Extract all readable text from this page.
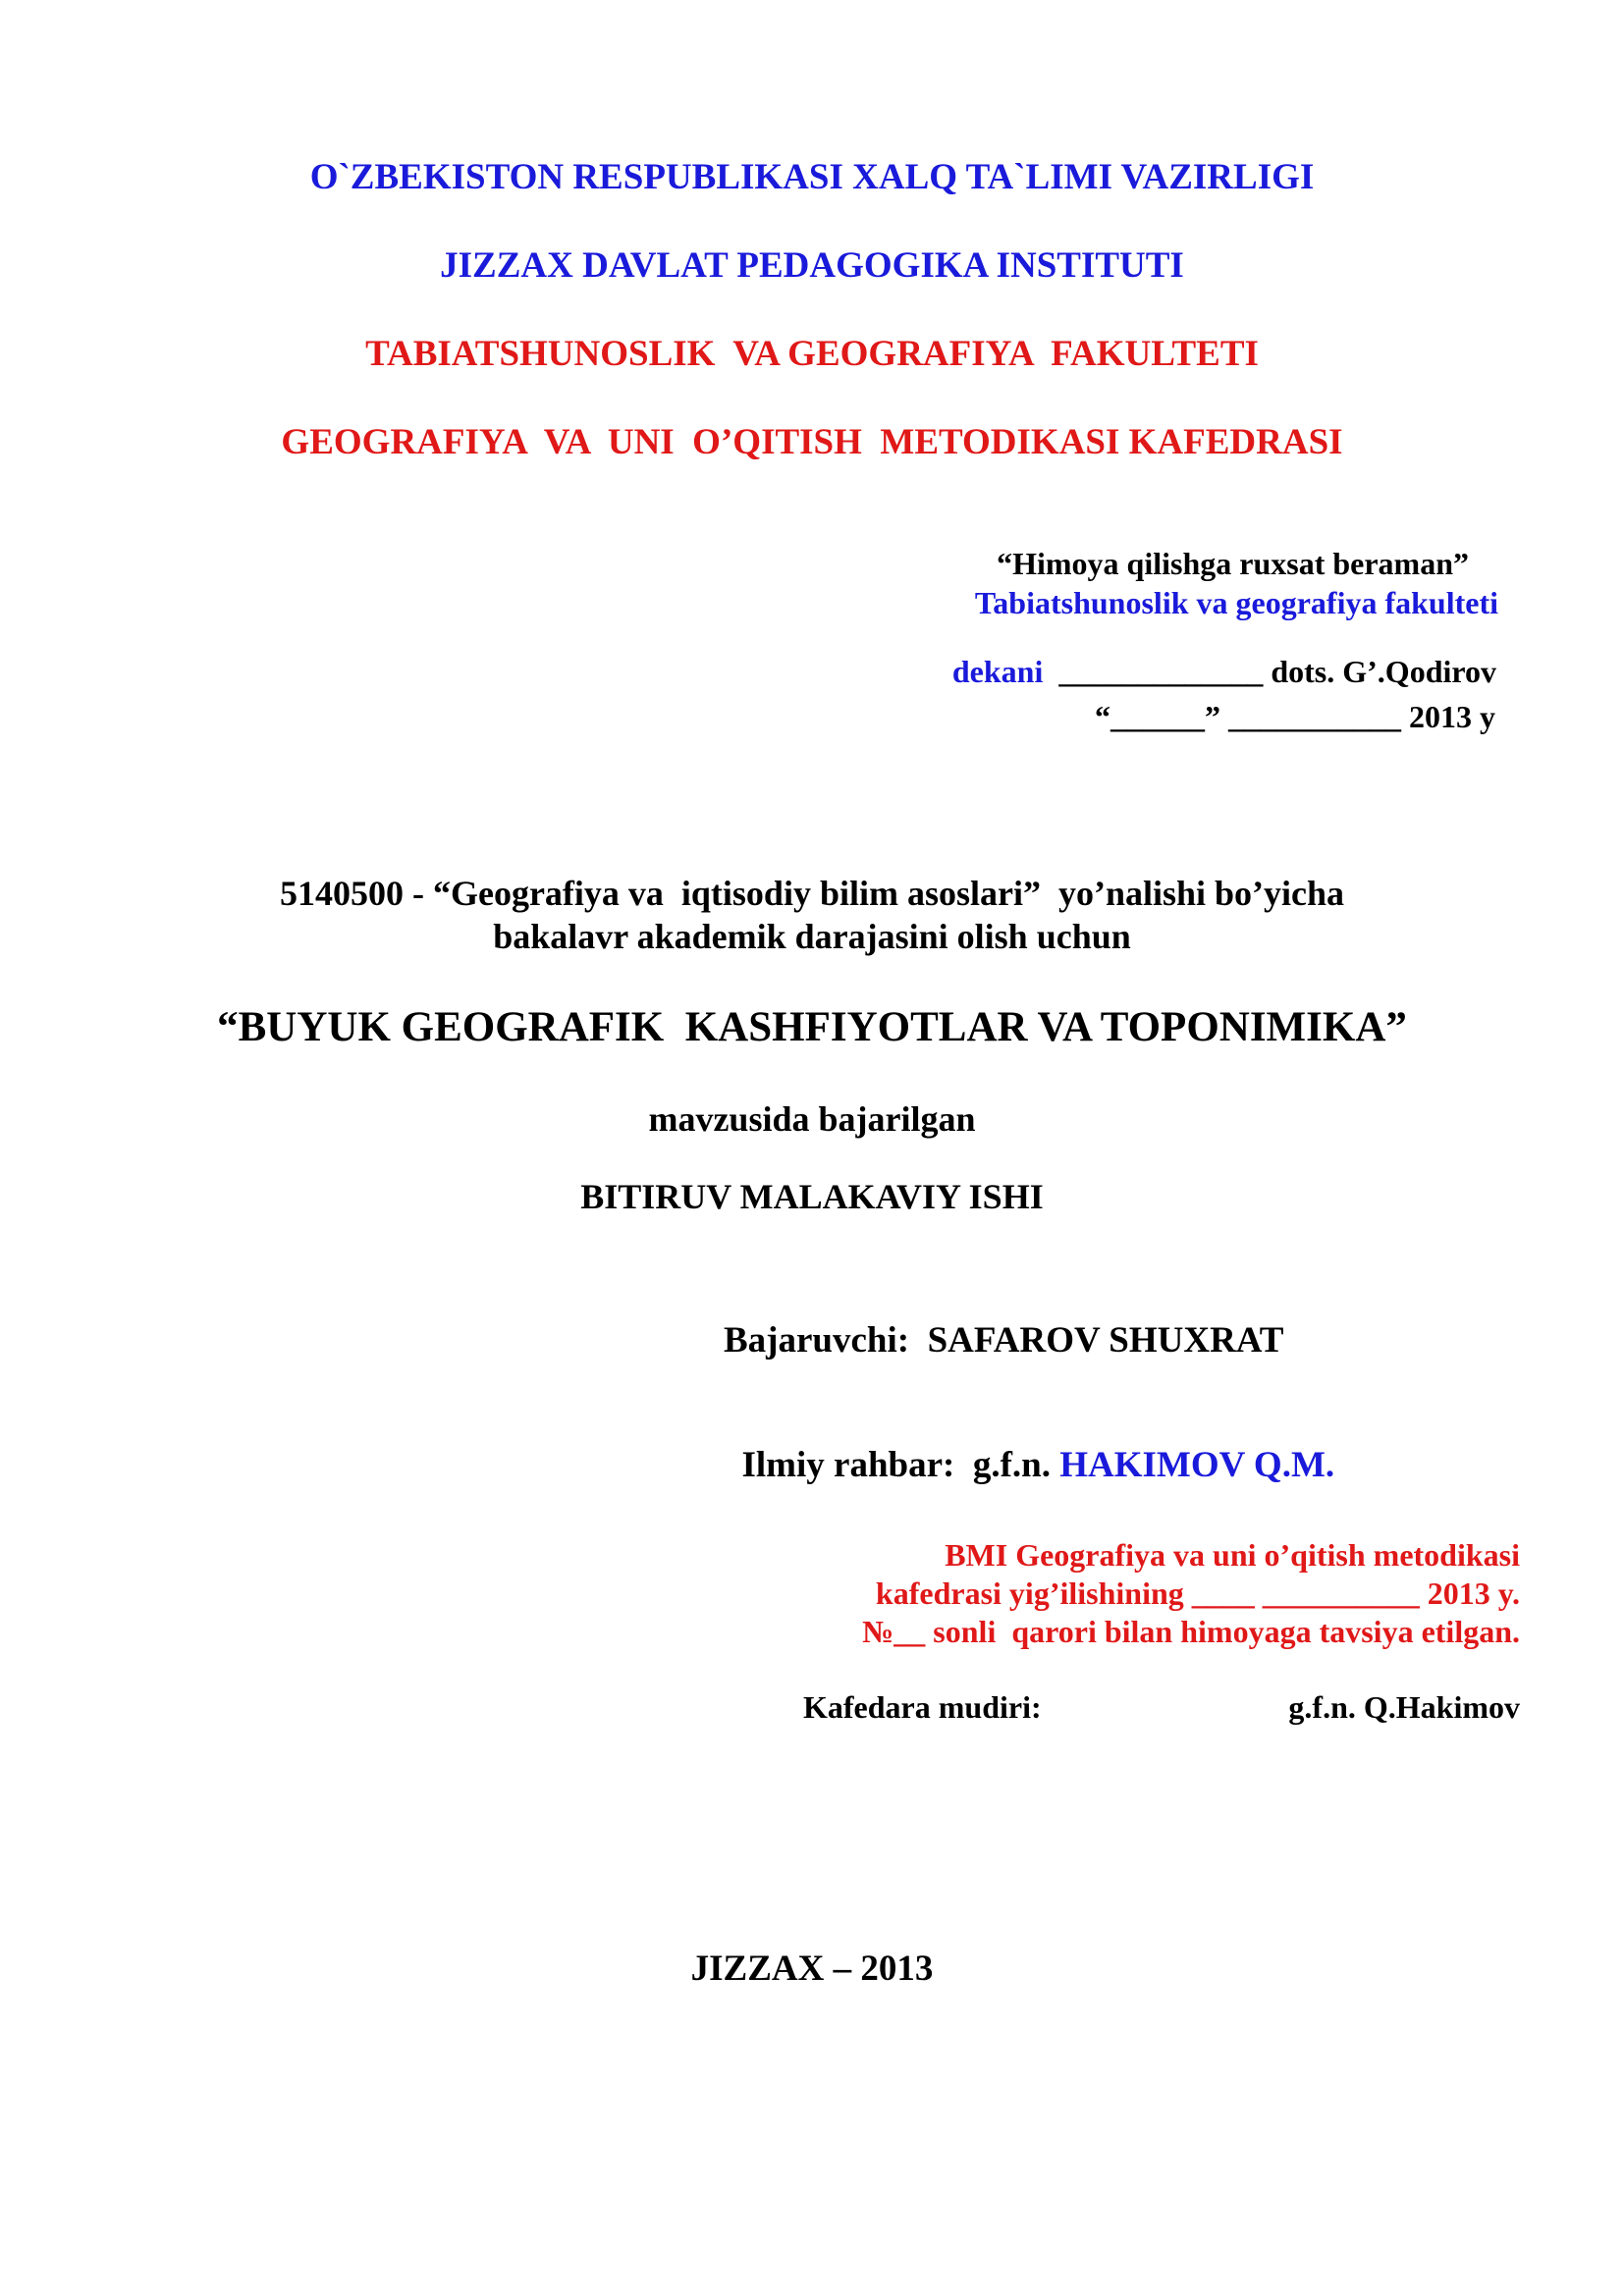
O`ZBEKISTON RESPUBLIKASI XALQ TA`LIMI VAZIRLIGI
JIZZAX DAVLAT PEDAGOGIKA INSTITUTI
TABIATSHUNOSLIK  VA GEOGRAFIYA  FAKULTETI
GEOGRAFIYA  VA  UNI  O’QITISH  METODIKASI KAFEDRASI
“Himoya qilishga ruxsat beraman”
Tabiatshunoslik va geografiya fakulteti

dekani  _____________ dots. G’.Qodirov

“______” ___________ 2013 y
5140500 - “Geografiya va  iqtisodiy bilim asoslari”  yo’nalishi bo’yicha
bakalavr akademik darajasini olish uchun
“BUYUK GEOGRAFIK  KASHFIYOTLAR VA TOPONIMIKA”
mavzusida bajarilgan
BITIRUV MALAKAVIY ISHI
Bajaruvchi:  SAFAROV SHUXRAT

Ilmiy rahbar:  g.f.n. HAKIMOV Q.M.

BMI Geografiya va uni o’qitish metodikasi
kafedrasi yig’ilishining ____ __________ 2013 y.
№__ sonli  qarori bilan himoyaga tavsiya etilgan.
Kafedara mudiri:	g.f.n. Q.Hakimov
JIZZAX – 2013
